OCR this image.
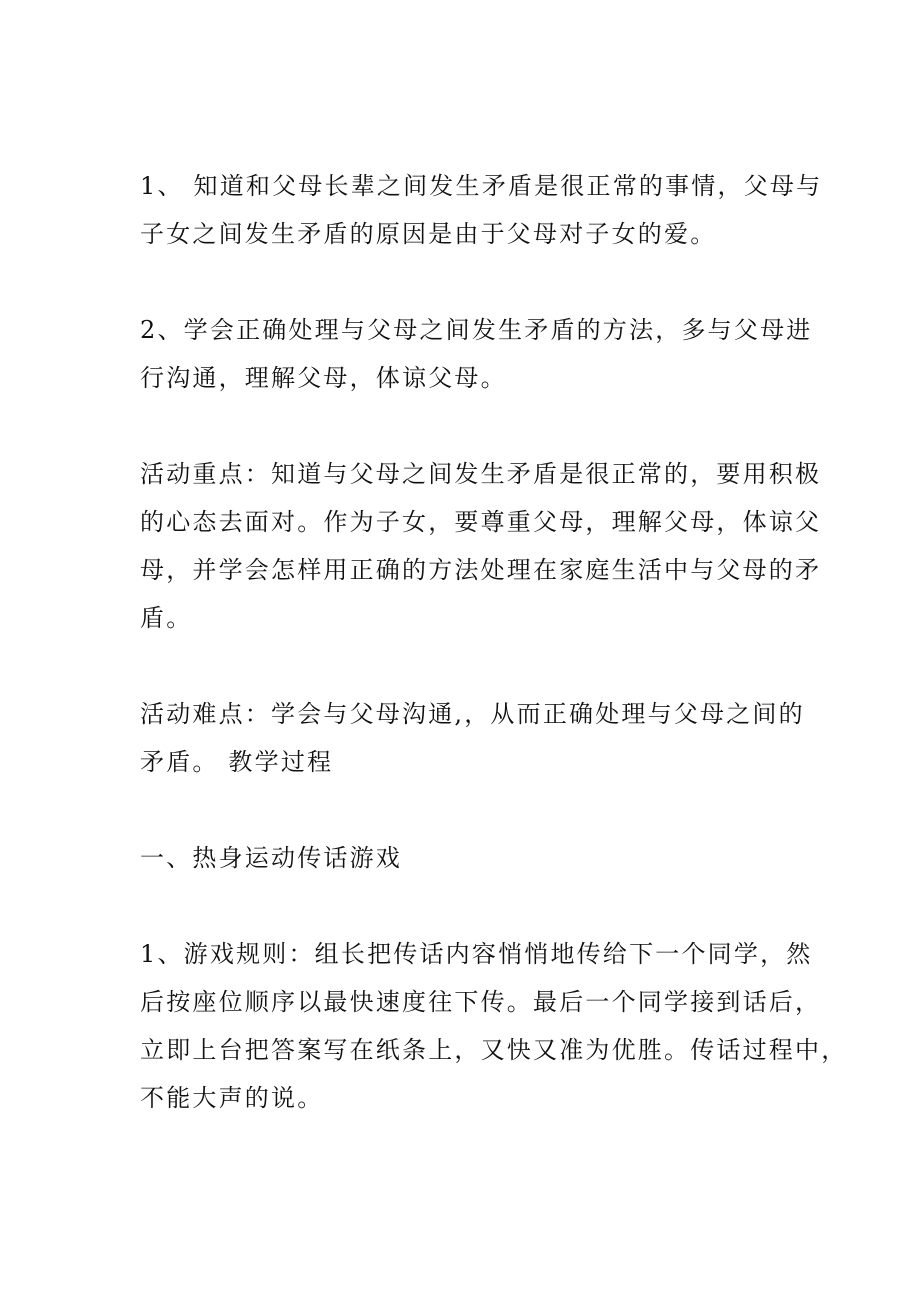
1、 知道和父母长辈之间发生矛盾是很正常的事情，父母与
子女之间发生矛盾的原因是由于父母对子女的爱。

2、学会正确处理与父母之间发生矛盾的方法，多与父母进
行沟通，理解父母，体谅父母。

活动重点：知道与父母之间发生矛盾是很正常的，要用积极
的心态去面对。作为子女，要尊重父母，理解父母，体谅父
母，并学会怎样用正确的方法处理在家庭生活中与父母的矛
盾。

活动难点：学会与父母沟通,，从而正确处理与父母之间的
矛盾。 教学过程

一、热身运动传话游戏

1、游戏规则：组长把传话内容悄悄地传给下一个同学，然
后按座位顺序以最快速度往下传。最后一个同学接到话后，
立即上台把答案写在纸条上，又快又准为优胜。传话过程中，
不能大声的说。
